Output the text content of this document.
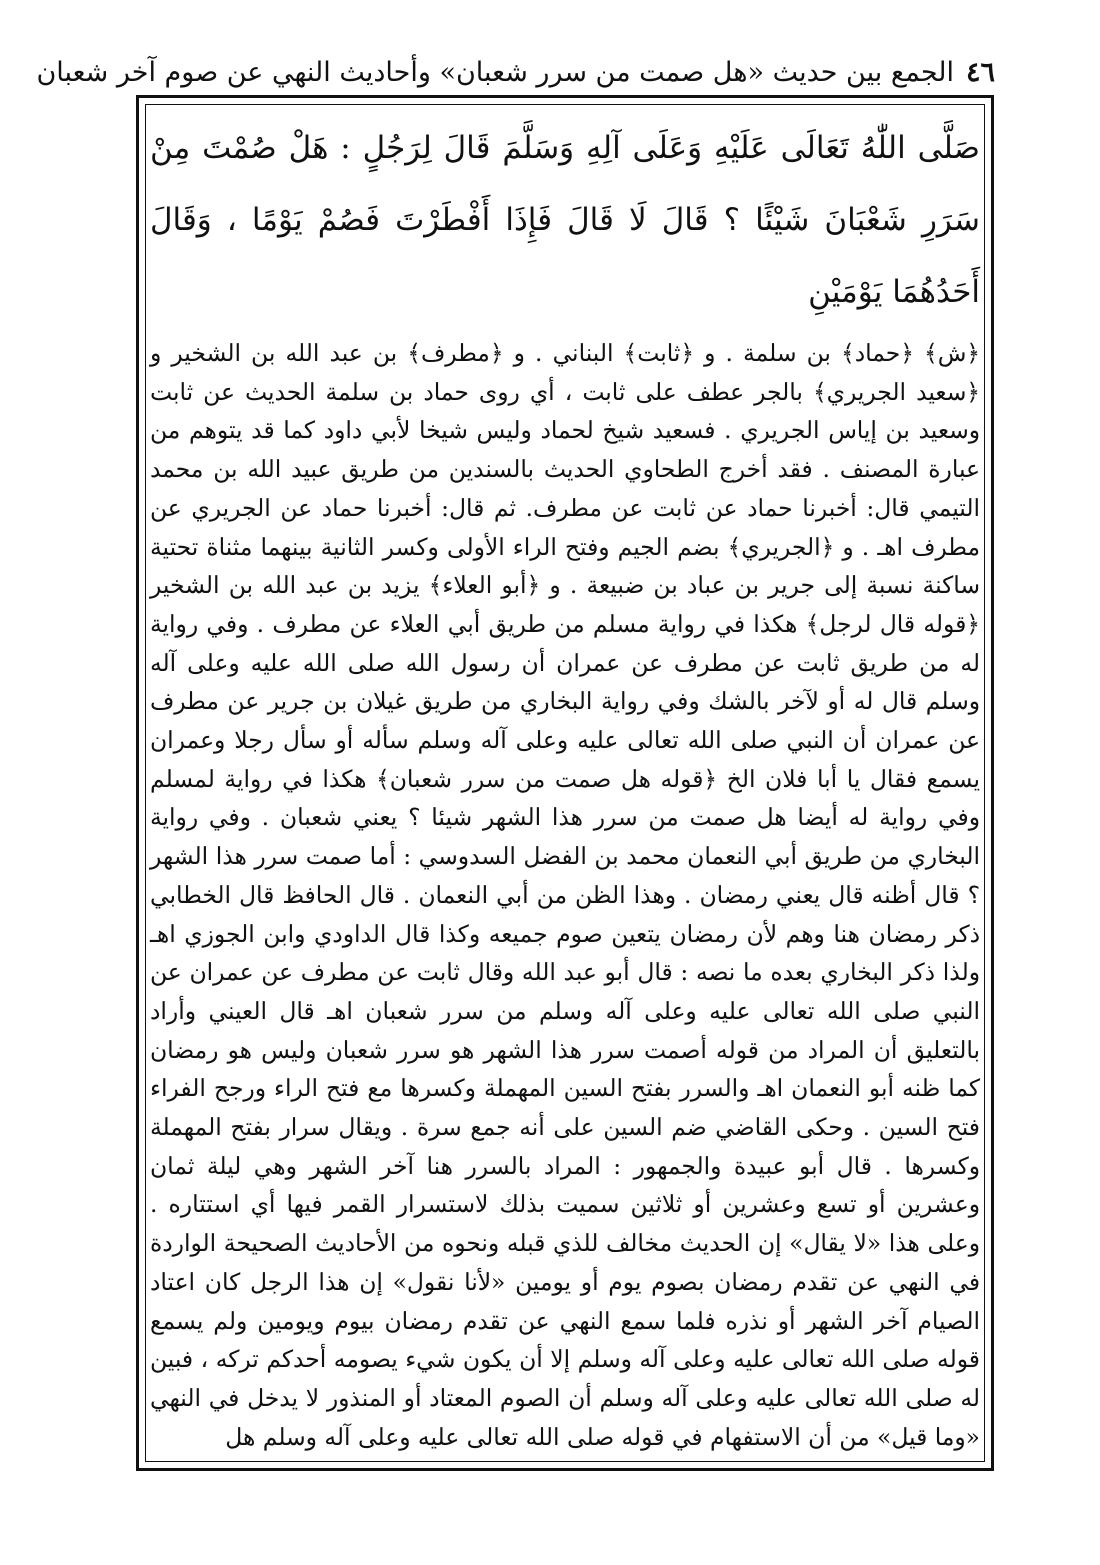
٤٦
الجمع بين حديث «هل صمت من سرر شعبان» وأحاديث النهي عن صوم آخر شعبان

صَلَّى اللّٰهُ تَعَالَى عَلَيْهِ وَعَلَى آلِهِ وَسَلَّمَ قَالَ لِرَجُلٍ : هَلْ صُمْتَ مِنْ سَرَرِ شَعْبَانَ شَيْئًا ؟ قَالَ لَا قَالَ فَإِذَا أَفْطَرْتَ فَصُمْ يَوْمًا ، وَقَالَ أَحَدُهُمَا يَوْمَيْنِ

﴿ش﴾ ﴿حماد﴾ بن سلمة . و ﴿ثابت﴾ البناني . و ﴿مطرف﴾ بن عبد الله بن الشخير و ﴿سعيد الجريري﴾ بالجر عطف على ثابت ، أي روى حماد بن سلمة الحديث عن ثابت وسعيد بن إياس الجريري . فسعيد شيخ لحماد وليس شيخا لأبي داود كما قد يتوهم من عبارة المصنف . فقد أخرج الطحاوي الحديث بالسندين من طريق عبيد الله بن محمد التيمي قال: أخبرنا حماد عن ثابت عن مطرف. ثم قال: أخبرنا حماد عن الجريري عن مطرف اهـ . و ﴿الجريري﴾ بضم الجيم وفتح الراء الأولى وكسر الثانية بينهما مثناة تحتية ساكنة نسبة إلى جرير بن عباد بن ضبيعة . و ﴿أبو العلاء﴾ يزيد بن عبد الله بن الشخير ﴿قوله قال لرجل﴾ هكذا في رواية مسلم من طريق أبي العلاء عن مطرف . وفي رواية له من طريق ثابت عن مطرف عن عمران أن رسول الله صلى الله عليه وعلى آله وسلم قال له أو لآخر بالشك وفي رواية البخاري من طريق غيلان بن جرير عن مطرف عن عمران أن النبي صلى الله تعالى عليه وعلى آله وسلم سأله أو سأل رجلا وعمران يسمع فقال يا أبا فلان الخ ﴿قوله هل صمت من سرر شعبان﴾ هكذا في رواية لمسلم وفي رواية له أيضا هل صمت من سرر هذا الشهر شيئا ؟ يعني شعبان . وفي رواية البخاري من طريق أبي النعمان محمد بن الفضل السدوسي : أما صمت سرر هذا الشهر ؟ قال أظنه قال يعني رمضان . وهذا الظن من أبي النعمان . قال الحافظ قال الخطابي ذكر رمضان هنا وهم لأن رمضان يتعين صوم جميعه وكذا قال الداودي وابن الجوزي اهـ ولذا ذكر البخاري بعده ما نصه : قال أبو عبد الله وقال ثابت عن مطرف عن عمران عن النبي صلى الله تعالى عليه وعلى آله وسلم من سرر شعبان اهـ قال العيني وأراد بالتعليق أن المراد من قوله أصمت سرر هذا الشهر هو سرر شعبان وليس هو رمضان كما ظنه أبو النعمان اهـ والسرر بفتح السين المهملة وكسرها مع فتح الراء ورجح الفراء فتح السين . وحكى القاضي ضم السين على أنه جمع سرة . ويقال سرار بفتح المهملة وكسرها . قال أبو عبيدة والجمهور : المراد بالسرر هنا آخر الشهر وهي ليلة ثمان وعشرين أو تسع وعشرين أو ثلاثين سميت بذلك لاستسرار القمر فيها أي استتاره . وعلى هذا «لا يقال» إن الحديث مخالف للذي قبله ونحوه من الأحاديث الصحيحة الواردة في النهي عن تقدم رمضان بصوم يوم أو يومين «لأنا نقول» إن هذا الرجل كان اعتاد الصيام آخر الشهر أو نذره فلما سمع النهي عن تقدم رمضان بيوم ويومين ولم يسمع قوله صلى الله تعالى عليه وعلى آله وسلم إلا أن يكون شيء يصومه أحدكم تركه ، فبين له صلى الله تعالى عليه وعلى آله وسلم أن الصوم المعتاد أو المنذور لا يدخل في النهي «وما قيل» من أن الاستفهام في قوله صلى الله تعالى عليه وعلى آله وسلم هل
